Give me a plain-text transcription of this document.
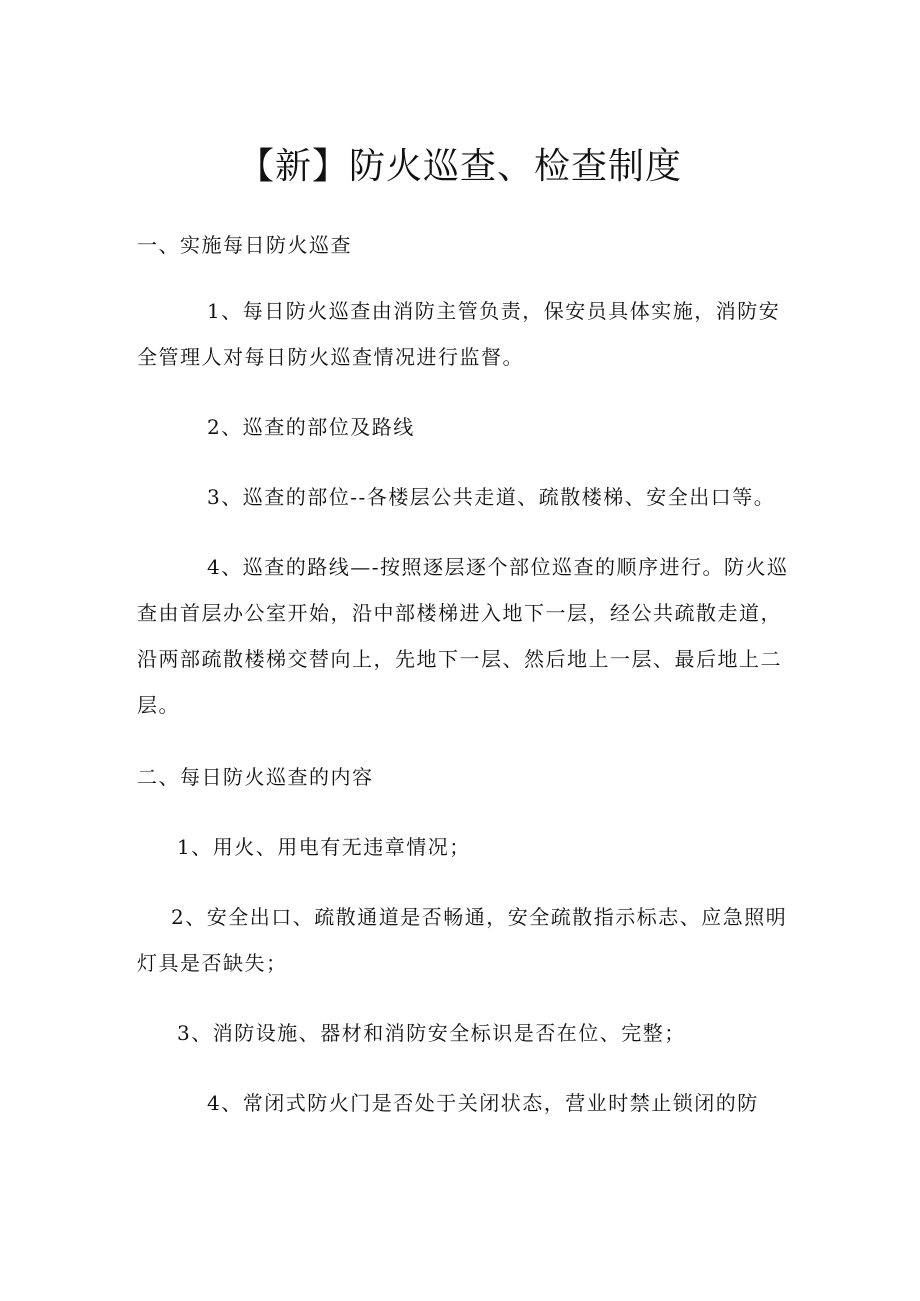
【新】防火巡查、检查制度

一、实施每日防火巡查

1、每日防火巡查由消防主管负责，保安员具体实施，消防安全管理人对每日防火巡查情况进行监督。

2、巡查的部位及路线

3、巡查的部位--各楼层公共走道、疏散楼梯、安全出口等。

4、巡查的路线—-按照逐层逐个部位巡查的顺序进行。防火巡查由首层办公室开始，沿中部楼梯进入地下一层，经公共疏散走道，沿两部疏散楼梯交替向上，先地下一层、然后地上一层、最后地上二层。

二、每日防火巡查的内容

1、用火、用电有无违章情况；

2、安全出口、疏散通道是否畅通，安全疏散指示标志、应急照明灯具是否缺失；

3、消防设施、器材和消防安全标识是否在位、完整；

4、常闭式防火门是否处于关闭状态，营业时禁止锁闭的防
